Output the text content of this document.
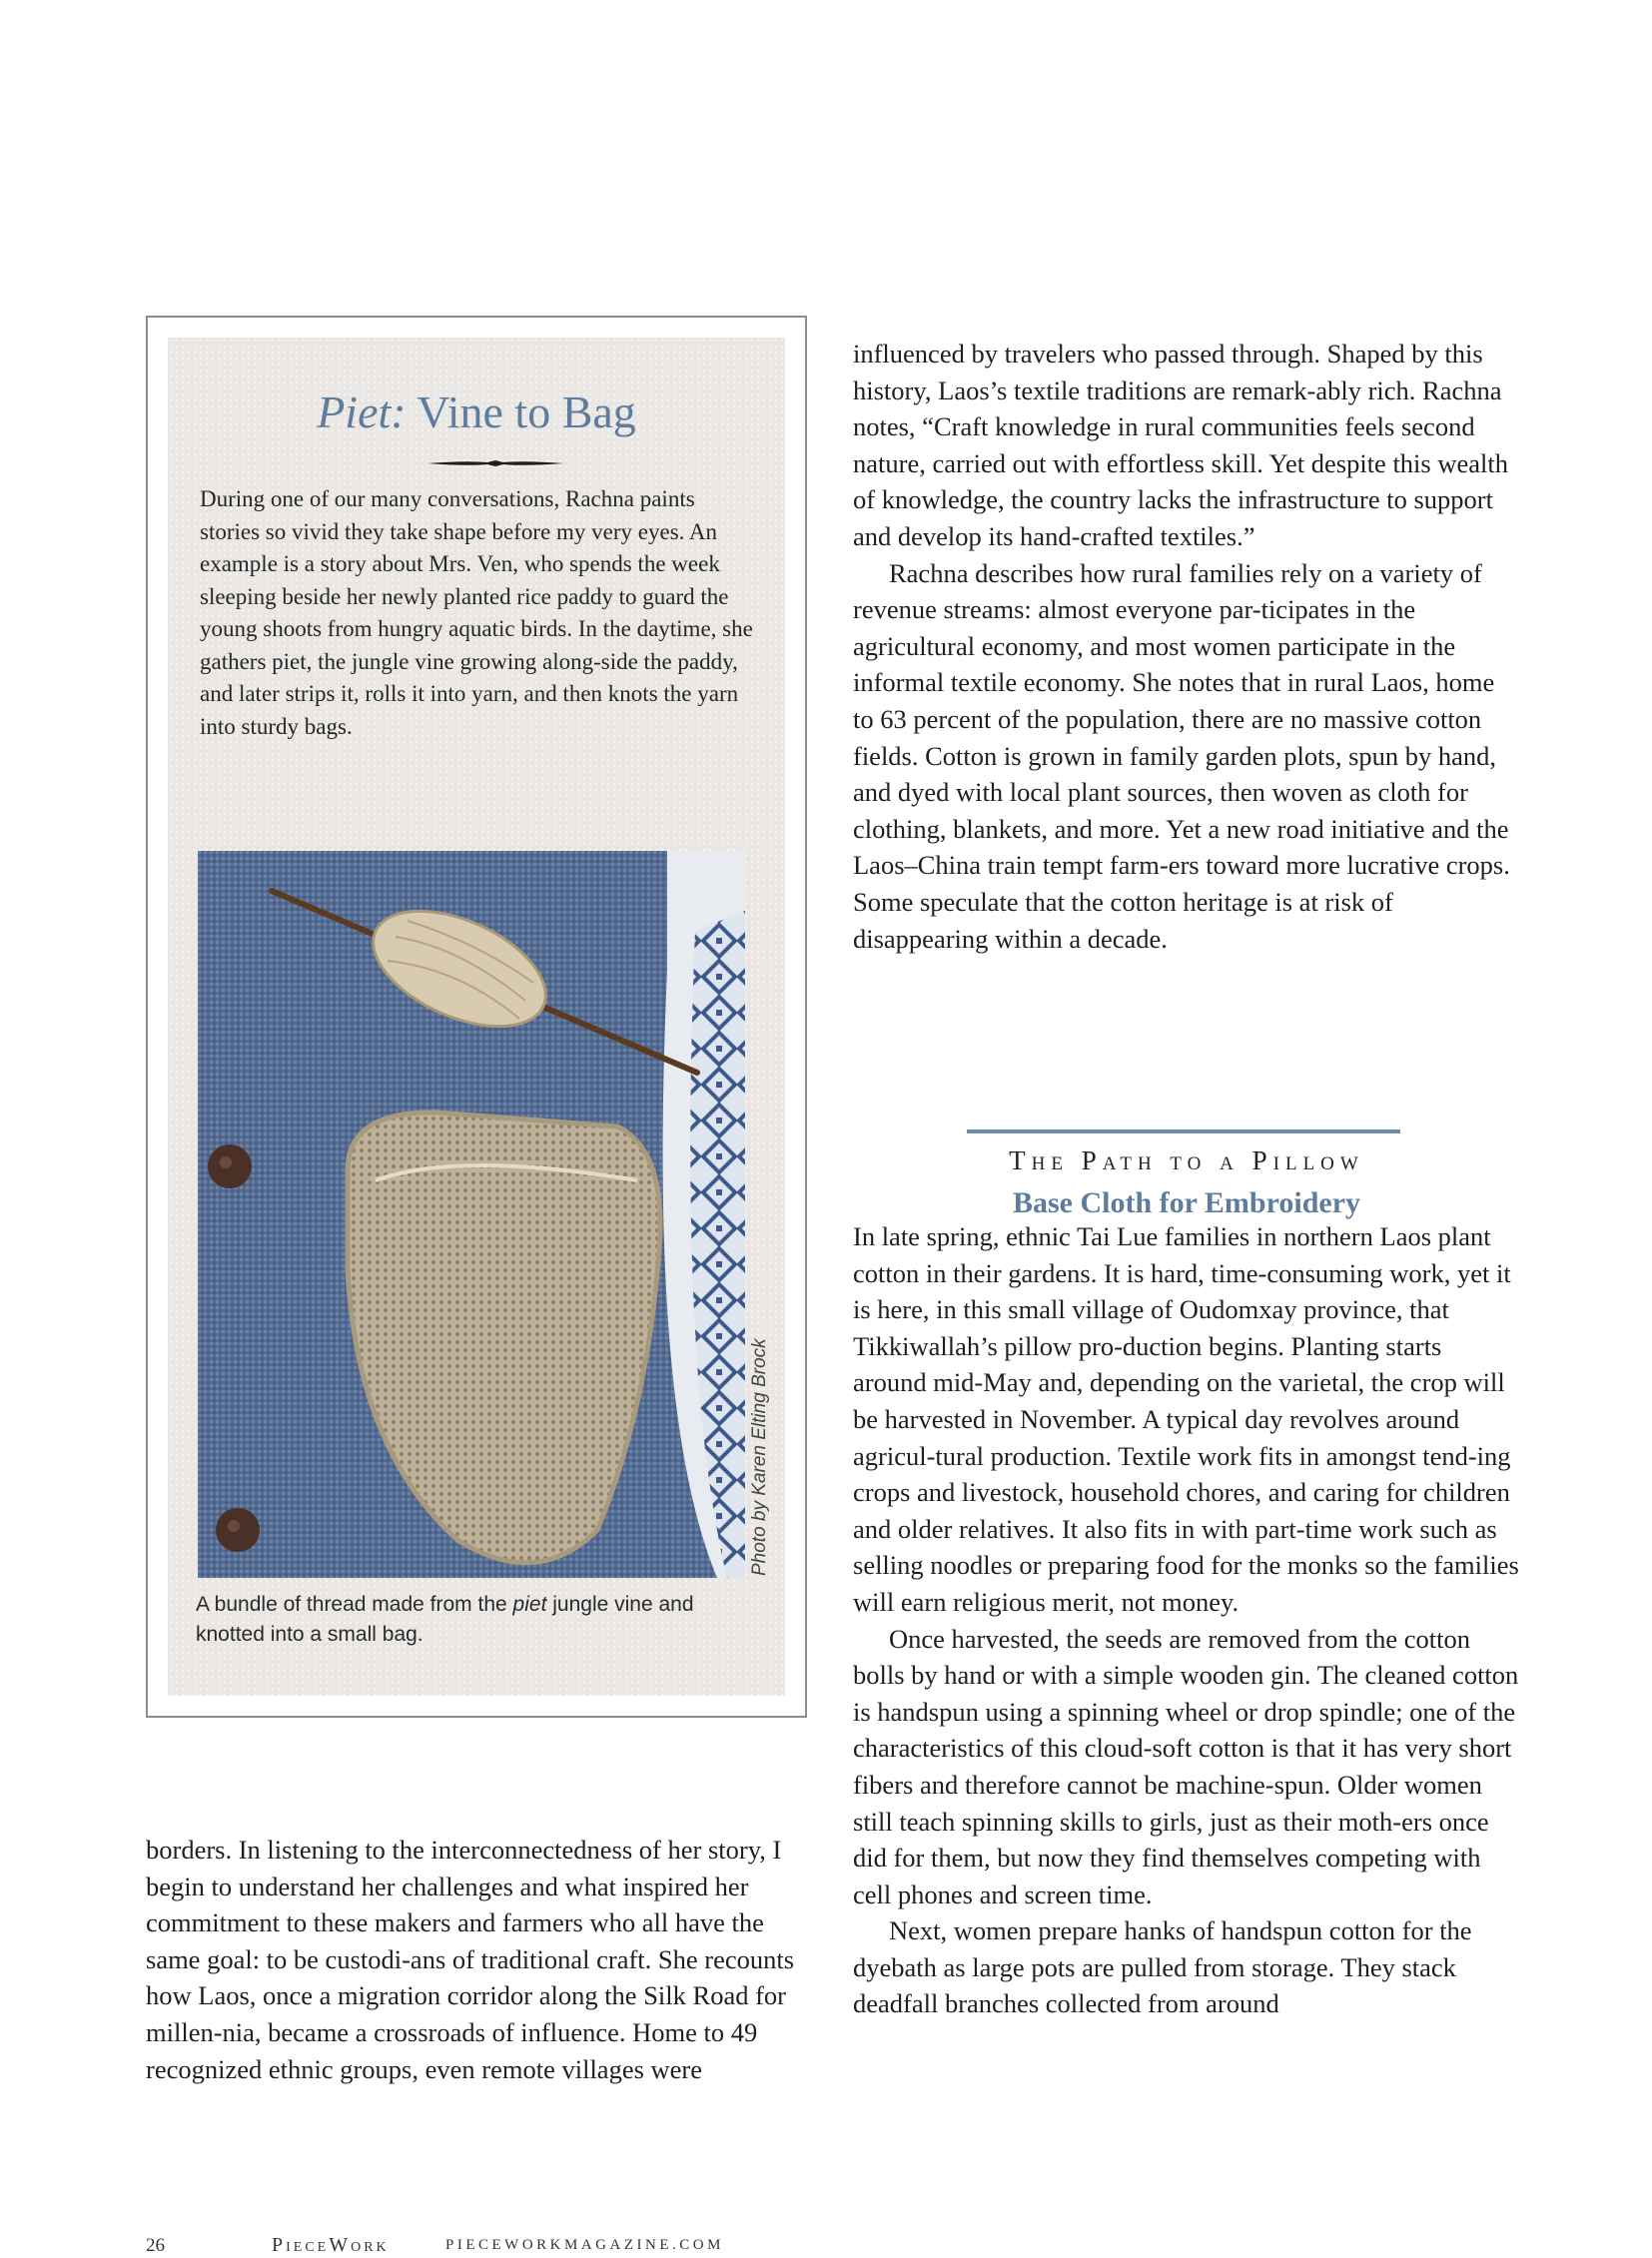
Piet: Vine to Bag
During one of our many conversations, Rachna paints stories so vivid they take shape before my very eyes. An example is a story about Mrs. Ven, who spends the week sleeping beside her newly planted rice paddy to guard the young shoots from hungry aquatic birds. In the daytime, she gathers piet, the jungle vine growing along-side the paddy, and later strips it, rolls it into yarn, and then knots the yarn into sturdy bags.
Photo by Karen Elting Brock
A bundle of thread made from the piet jungle vine and knotted into a small bag.

borders. In listening to the interconnectedness of her story, I begin to understand her challenges and what inspired her commitment to these makers and farmers who all have the same goal: to be custodi-ans of traditional craft. She recounts how Laos, once a migration corridor along the Silk Road for millen-nia, became a crossroads of influence. Home to 49 recognized ethnic groups, even remote villages were

influenced by travelers who passed through. Shaped by this history, Laos’s textile traditions are remark-ably rich. Rachna notes, “Craft knowledge in rural communities feels second nature, carried out with effortless skill. Yet despite this wealth of knowledge, the country lacks the infrastructure to support and develop its hand-crafted textiles.”

Rachna describes how rural families rely on a variety of revenue streams: almost everyone par-ticipates in the agricultural economy, and most women participate in the informal textile economy. She notes that in rural Laos, home to 63 percent of the population, there are no massive cotton fields. Cotton is grown in family garden plots, spun by hand, and dyed with local plant sources, then woven as cloth for clothing, blankets, and more. Yet a new road initiative and the Laos–China train tempt farm-ers toward more lucrative crops. Some speculate that the cotton heritage is at risk of disappearing within a decade.

The Path to a Pillow
Base Cloth for Embroidery

In late spring, ethnic Tai Lue families in northern Laos plant cotton in their gardens. It is hard, time-consuming work, yet it is here, in this small village of Oudomxay province, that Tikkiwallah’s pillow pro-duction begins. Planting starts around mid-May and, depending on the varietal, the crop will be harvested in November. A typical day revolves around agricul-tural production. Textile work fits in amongst tend-ing crops and livestock, household chores, and caring for children and older relatives. It also fits in with part-time work such as selling noodles or preparing food for the monks so the families will earn religious merit, not money.

Once harvested, the seeds are removed from the cotton bolls by hand or with a simple wooden gin. The cleaned cotton is handspun using a spinning wheel or drop spindle; one of the characteristics of this cloud-soft cotton is that it has very short fibers and therefore cannot be machine-spun. Older women still teach spinning skills to girls, just as their moth-ers once did for them, but now they find themselves competing with cell phones and screen time.

Next, women prepare hanks of handspun cotton for the dyebath as large pots are pulled from storage. They stack deadfall branches collected from around

26	PieceWork	PIECEWORKMAGAZINE.COM
